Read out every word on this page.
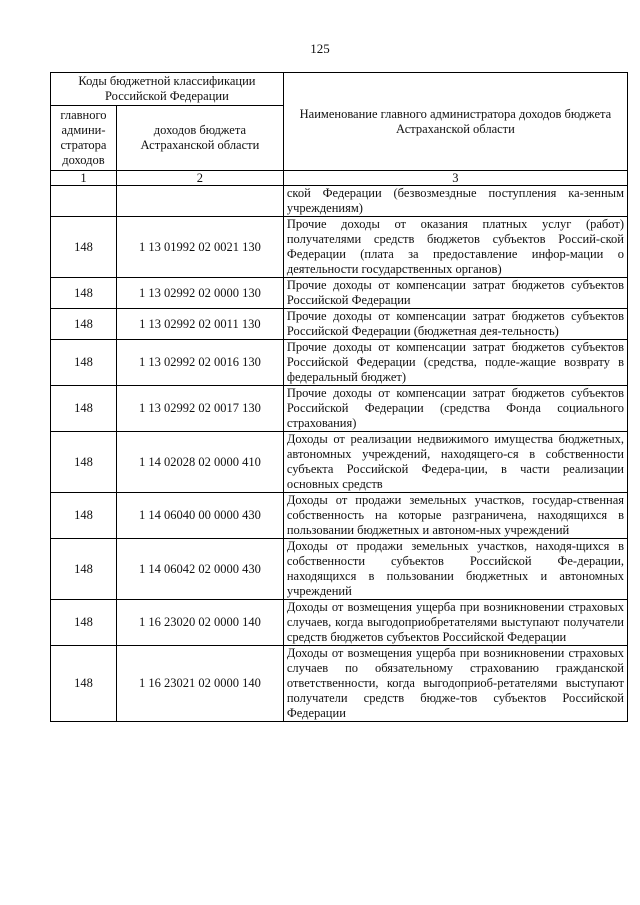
125
Коды бюджетной классификации Российской Федерации		Наименование главного администратора доходов бюджета Астраханской области
главного админи-стратора доходов	доходов бюджета Астраханской области	
1	2	3
		ской Федерации (безвозмездные поступления ка-зенным учреждениям)
148	1 13 01992 02 0021 130	Прочие доходы от оказания платных услуг (работ) получателями средств бюджетов субъектов Россий-ской Федерации (плата за предоставление инфор-мации о деятельности государственных органов)
148	1 13 02992 02 0000 130	Прочие доходы от компенсации затрат бюджетов субъектов Российской Федерации
148	1 13 02992 02 0011 130	Прочие доходы от компенсации затрат бюджетов субъектов Российской Федерации (бюджетная дея-тельность)
148	1 13 02992 02 0016 130	Прочие доходы от компенсации затрат бюджетов субъектов Российской Федерации (средства, подле-жащие возврату в федеральный бюджет)
148	1 13 02992 02 0017 130	Прочие доходы от компенсации затрат бюджетов субъектов Российской Федерации (средства Фонда социального страхования)
148	1 14 02028 02 0000 410	Доходы от реализации недвижимого имущества бюджетных, автономных учреждений, находящего-ся в собственности субъекта Российской Федера-ции, в части реализации основных средств
148	1 14 06040 00 0000 430	Доходы от продажи земельных участков, государ-ственная собственность на которые разграничена, находящихся в пользовании бюджетных и автоном-ных учреждений
148	1 14 06042 02 0000 430	Доходы от продажи земельных участков, находя-щихся в собственности субъектов Российской Фе-дерации, находящихся в пользовании бюджетных и автономных учреждений
148	1 16 23020 02 0000 140	Доходы от возмещения ущерба при возникновении страховых случаев, когда выгодоприобретателями выступают получатели средств бюджетов субъектов Российской Федерации
148	1 16 23021 02 0000 140	Доходы от возмещения ущерба при возникновении страховых случаев по обязательному страхованию гражданской ответственности, когда выгодоприоб-ретателями выступают получатели средств бюдже-тов субъектов Российской Федерации
